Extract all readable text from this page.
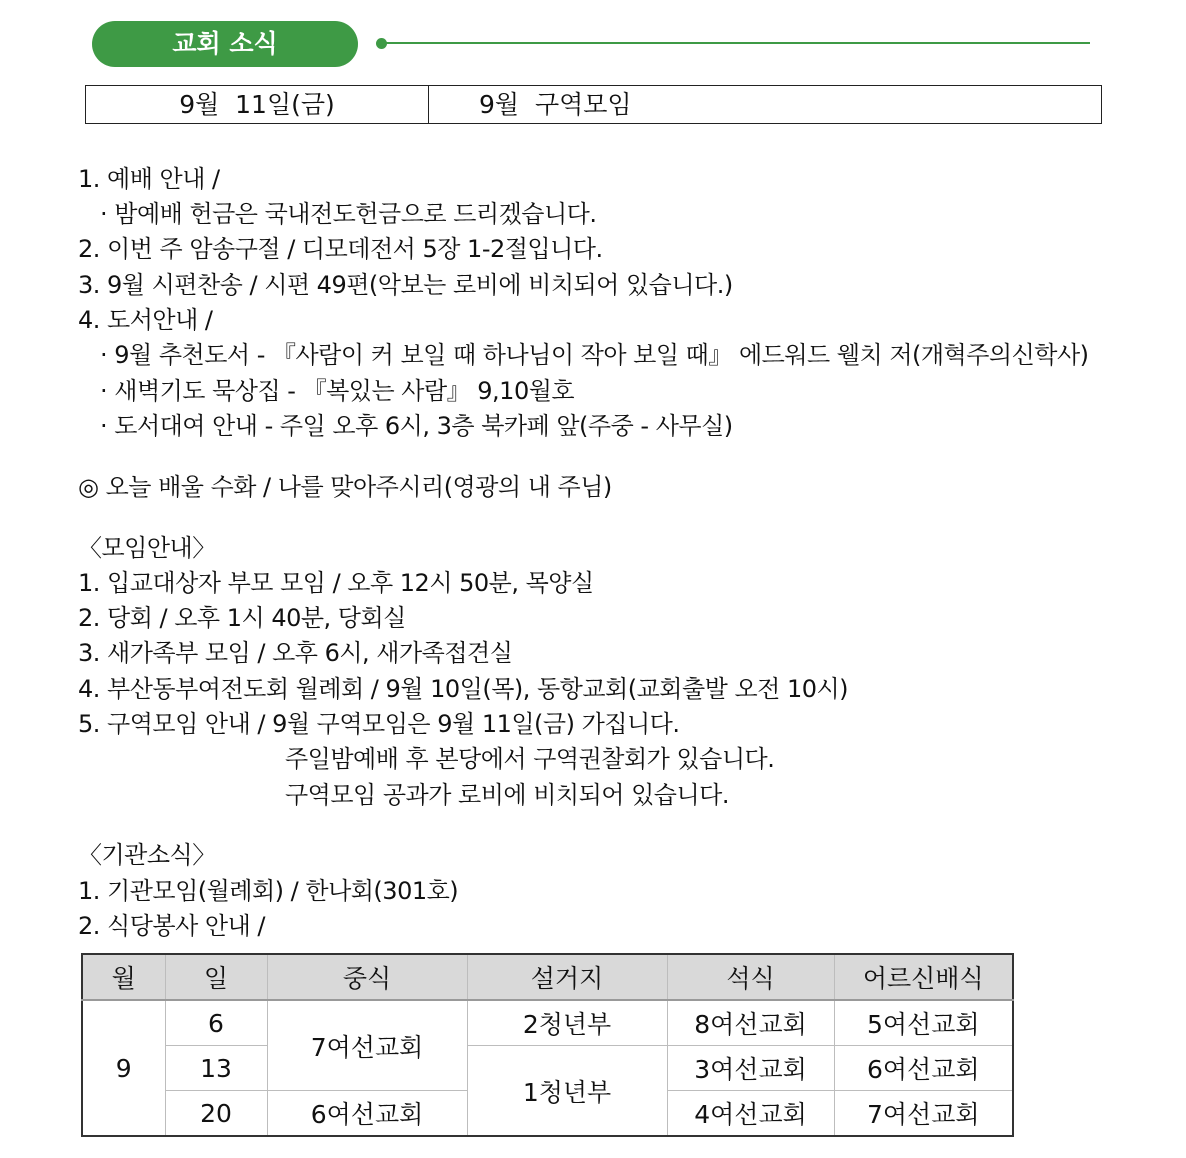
교회 소식
9월  11일(금)	9월  구역모임
1. 예배 안내 /
· 밤예배 헌금은 국내전도헌금으로 드리겠습니다.
2. 이번 주 암송구절 / 디모데전서 5장 1-2절입니다.
3. 9월 시편찬송 / 시편 49편(악보는 로비에 비치되어 있습니다.)
4. 도서안내 /
· 9월 추천도서 - 『사람이 커 보일 때 하나님이 작아 보일 때』 에드워드 웰치 저(개혁주의신학사)
· 새벽기도 묵상집 - 『복있는 사람』 9,10월호
· 도서대여 안내 - 주일 오후 6시, 3층 북카페 앞(주중 - 사무실)
◎ 오늘 배울 수화 / 나를 맞아주시리(영광의 내 주님)
〈모임안내〉
1. 입교대상자 부모 모임 / 오후 12시 50분, 목양실
2. 당회 / 오후 1시 40분, 당회실
3. 새가족부 모임 / 오후 6시, 새가족접견실
4. 부산동부여전도회 월례회 / 9월 10일(목), 동항교회(교회출발 오전 10시)
5. 구역모임 안내 / 9월 구역모임은 9월 11일(금) 가집니다.
주일밤예배 후 본당에서 구역권찰회가 있습니다.
구역모임 공과가 로비에 비치되어 있습니다.
〈기관소식〉
1. 기관모임(월례회) / 한나회(301호)
2. 식당봉사 안내 /
월	일	중식	설거지	석식	어르신배식
9	6	7여선교회	2청년부	8여선교회	5여선교회
	13		1청년부	3여선교회	6여선교회
	20	6여선교회		4여선교회	7여선교회
